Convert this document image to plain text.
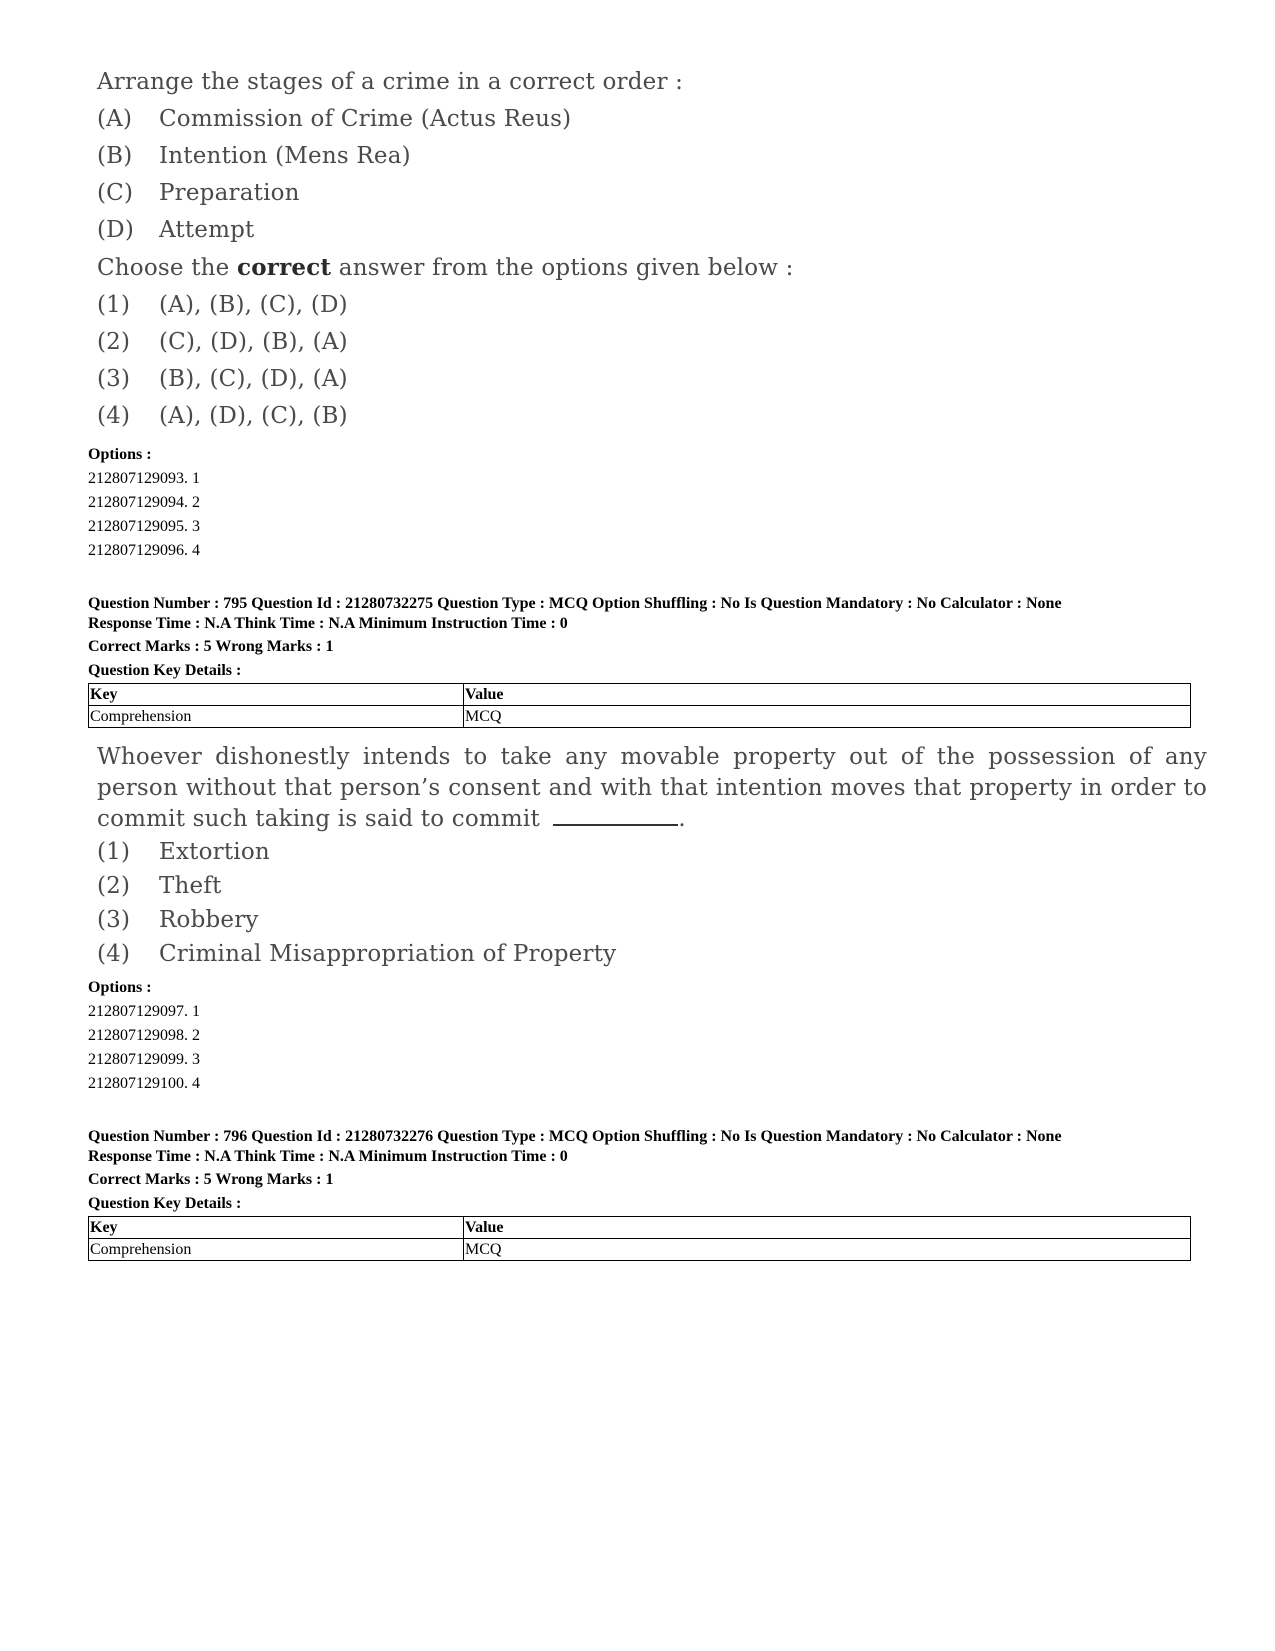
Arrange the stages of a crime in a correct order :
(A)	Commission of Crime (Actus Reus)
(B)	Intention (Mens Rea)
(C)	Preparation
(D)	Attempt
Choose the correct answer from the options given below :
(1)	(A), (B), (C), (D)
(2)	(C), (D), (B), (A)
(3)	(B), (C), (D), (A)
(4)	(A), (D), (C), (B)
Options :
212807129093. 1
212807129094. 2
212807129095. 3
212807129096. 4
Question Number : 795 Question Id : 21280732275 Question Type : MCQ Option Shuffling : No Is Question Mandatory : No Calculator : None
Response Time : N.A Think Time : N.A Minimum Instruction Time : 0
Correct Marks : 5 Wrong Marks : 1
Question Key Details :
Key	Value
Comprehension	MCQ
Whoever dishonestly intends to take any movable property out of the possession of any person without that person’s consent and with that intention moves that property in order to commit such taking is said to commit	.
(1)	Extortion
(2)	Theft
(3)	Robbery
(4)	Criminal Misappropriation of Property
Options :
212807129097. 1
212807129098. 2
212807129099. 3
212807129100. 4
Question Number : 796 Question Id : 21280732276 Question Type : MCQ Option Shuffling : No Is Question Mandatory : No Calculator : None
Response Time : N.A Think Time : N.A Minimum Instruction Time : 0
Correct Marks : 5 Wrong Marks : 1
Question Key Details :
Key	Value
Comprehension	MCQ
